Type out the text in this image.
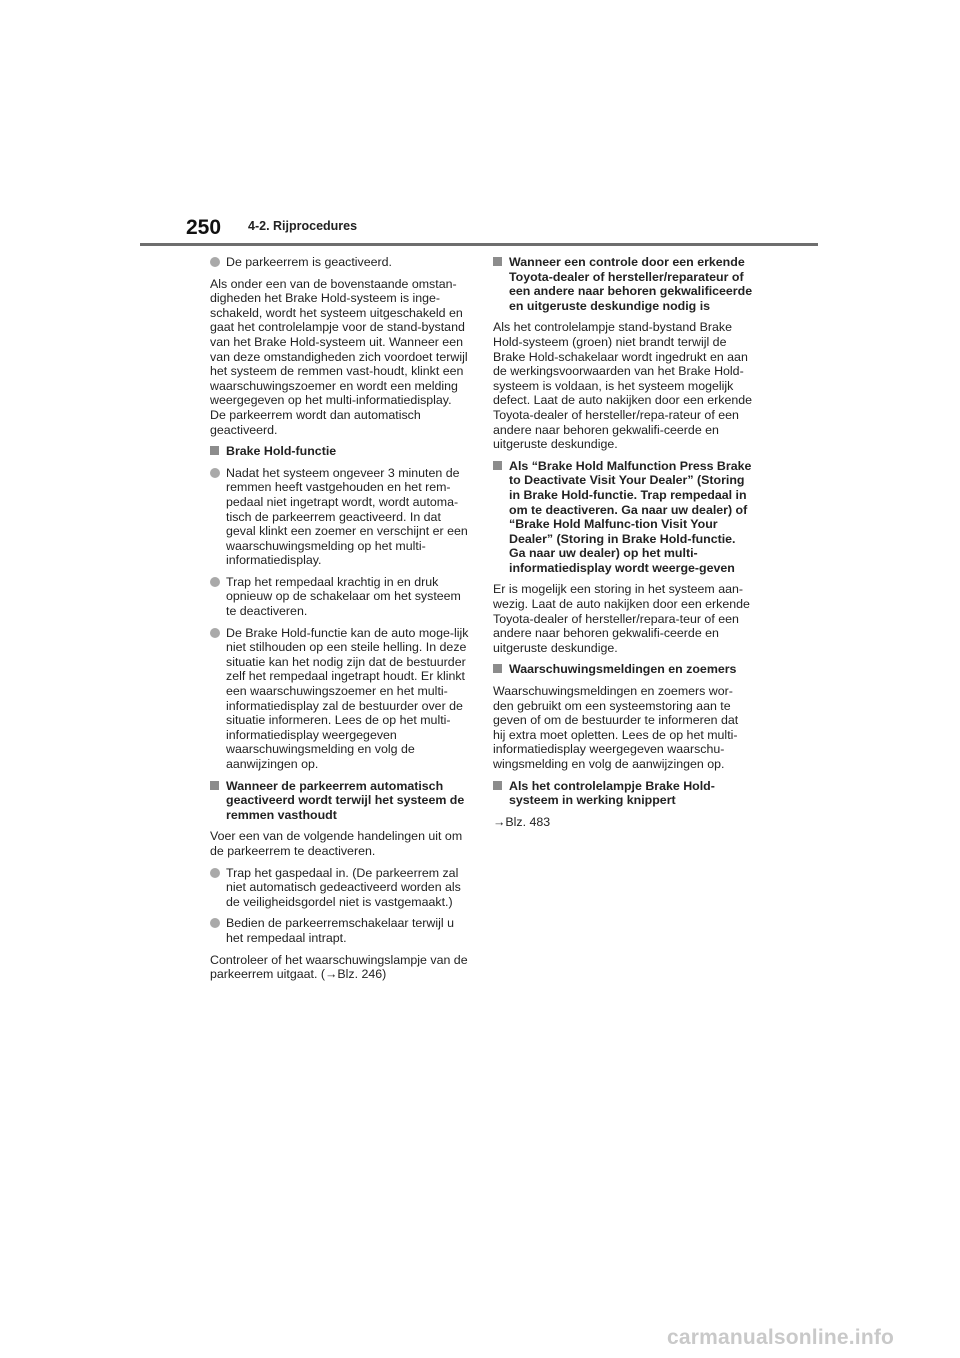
250 4-2. Rijprocedures
De parkeerrem is geactiveerd.
Als onder een van de bovenstaande omstan-digheden het Brake Hold-systeem is inge-schakeld, wordt het systeem uitgeschakeld en gaat het controlelampje voor de stand-bystand van het Brake Hold-systeem uit. Wanneer een van deze omstandigheden zich voordoet terwijl het systeem de remmen vast-houdt, klinkt een waarschuwingszoemer en wordt een melding weergegeven op het multi-informatiedisplay. De parkeerrem wordt dan automatisch geactiveerd.
Brake Hold-functie
Nadat het systeem ongeveer 3 minuten de remmen heeft vastgehouden en het rem-pedaal niet ingetrapt wordt, wordt automa-tisch de parkeerrem geactiveerd. In dat geval klinkt een zoemer en verschijnt er een waarschuwingsmelding op het multi-informatiedisplay.
Trap het rempedaal krachtig in en druk opnieuw op de schakelaar om het systeem te deactiveren.
De Brake Hold-functie kan de auto moge-lijk niet stilhouden op een steile helling. In deze situatie kan het nodig zijn dat de bestuurder zelf het rempedaal ingetrapt houdt. Er klinkt een waarschuwingszoemer en het multi-informatiedisplay zal de bestuurder over de situatie informeren. Lees de op het multi-informatiedisplay weergegeven waarschuwingsmelding en volg de aanwijzingen op.
Wanneer de parkeerrem automatisch geactiveerd wordt terwijl het systeem de remmen vasthoudt
Voer een van de volgende handelingen uit om de parkeerrem te deactiveren.
Trap het gaspedaal in. (De parkeerrem zal niet automatisch gedeactiveerd worden als de veiligheidsgordel niet is vastgemaakt.)
Bedien de parkeerremschakelaar terwijl u het rempedaal intrapt.
Controleer of het waarschuwingslampje van de parkeerrem uitgaat. (→Blz. 246)
Wanneer een controle door een erkende Toyota-dealer of hersteller/reparateur of een andere naar behoren gekwalificeerde en uitgeruste deskundige nodig is
Als het controlelampje stand-bystand Brake Hold-systeem (groen) niet brandt terwijl de Brake Hold-schakelaar wordt ingedrukt en aan de werkingsvoorwaarden van het Brake Hold-systeem is voldaan, is het systeem mogelijk defect. Laat de auto nakijken door een erkende Toyota-dealer of hersteller/repa-rateur of een andere naar behoren gekwalifi-ceerde en uitgeruste deskundige.
Als “Brake Hold Malfunction Press Brake to Deactivate Visit Your Dealer” (Storing in Brake Hold-functie. Trap rempedaal in om te deactiveren. Ga naar uw dealer) of “Brake Hold Malfunc-tion Visit Your Dealer” (Storing in Brake Hold-functie. Ga naar uw dealer) op het multi-informatiedisplay wordt weerge-geven
Er is mogelijk een storing in het systeem aan-wezig. Laat de auto nakijken door een erkende Toyota-dealer of hersteller/repara-teur of een andere naar behoren gekwalifi-ceerde en uitgeruste deskundige.
Waarschuwingsmeldingen en zoemers
Waarschuwingsmeldingen en zoemers wor-den gebruikt om een systeemstoring aan te geven of om de bestuurder te informeren dat hij extra moet opletten. Lees de op het multi-informatiedisplay weergegeven waarschu-wingsmelding en volg de aanwijzingen op.
Als het controlelampje Brake Hold-systeem in werking knippert
→Blz. 483
carmanualsonline.info
